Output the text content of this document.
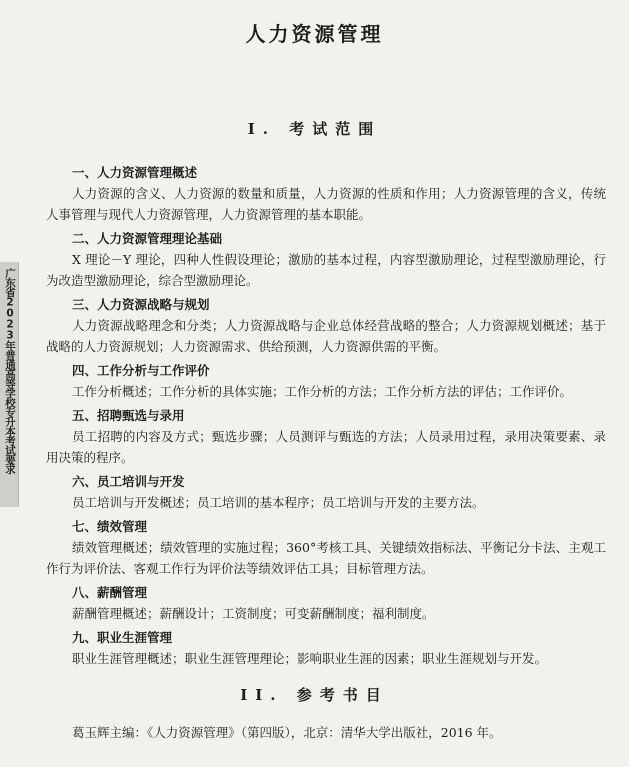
人力资源管理
I. 考试范围
广东省2023年普通高等学校专升本考试要求
一、人力资源管理概述
人力资源的含义、人力资源的数量和质量，人力资源的性质和作用；人力资源管理的含义，传统人事管理与现代人力资源管理，人力资源管理的基本职能。
二、人力资源管理理论基础
X 理论－Y 理论，四种人性假设理论；激励的基本过程，内容型激励理论，过程型激励理论，行为改造型激励理论，综合型激励理论。
三、人力资源战略与规划
人力资源战略理念和分类；人力资源战略与企业总体经营战略的整合；人力资源规划概述；基于战略的人力资源规划；人力资源需求、供给预测，人力资源供需的平衡。
四、工作分析与工作评价
工作分析概述；工作分析的具体实施；工作分析的方法；工作分析方法的评估；工作评价。
五、招聘甄选与录用
员工招聘的内容及方式；甄选步骤；人员测评与甄选的方法；人员录用过程，录用决策要素、录用决策的程序。
六、员工培训与开发
员工培训与开发概述；员工培训的基本程序；员工培训与开发的主要方法。
七、绩效管理
绩效管理概述；绩效管理的实施过程；360°考核工具、关键绩效指标法、平衡记分卡法、主观工作行为评价法、客观工作行为评价法等绩效评估工具；目标管理方法。
八、薪酬管理
薪酬管理概述；薪酬设计；工资制度；可变薪酬制度；福利制度。
九、职业生涯管理
职业生涯管理概述；职业生涯管理理论；影响职业生涯的因素；职业生涯规划与开发。
II. 参考书目
葛玉辉主编：《人力资源管理》（第四版），北京：清华大学出版社，2016 年。
